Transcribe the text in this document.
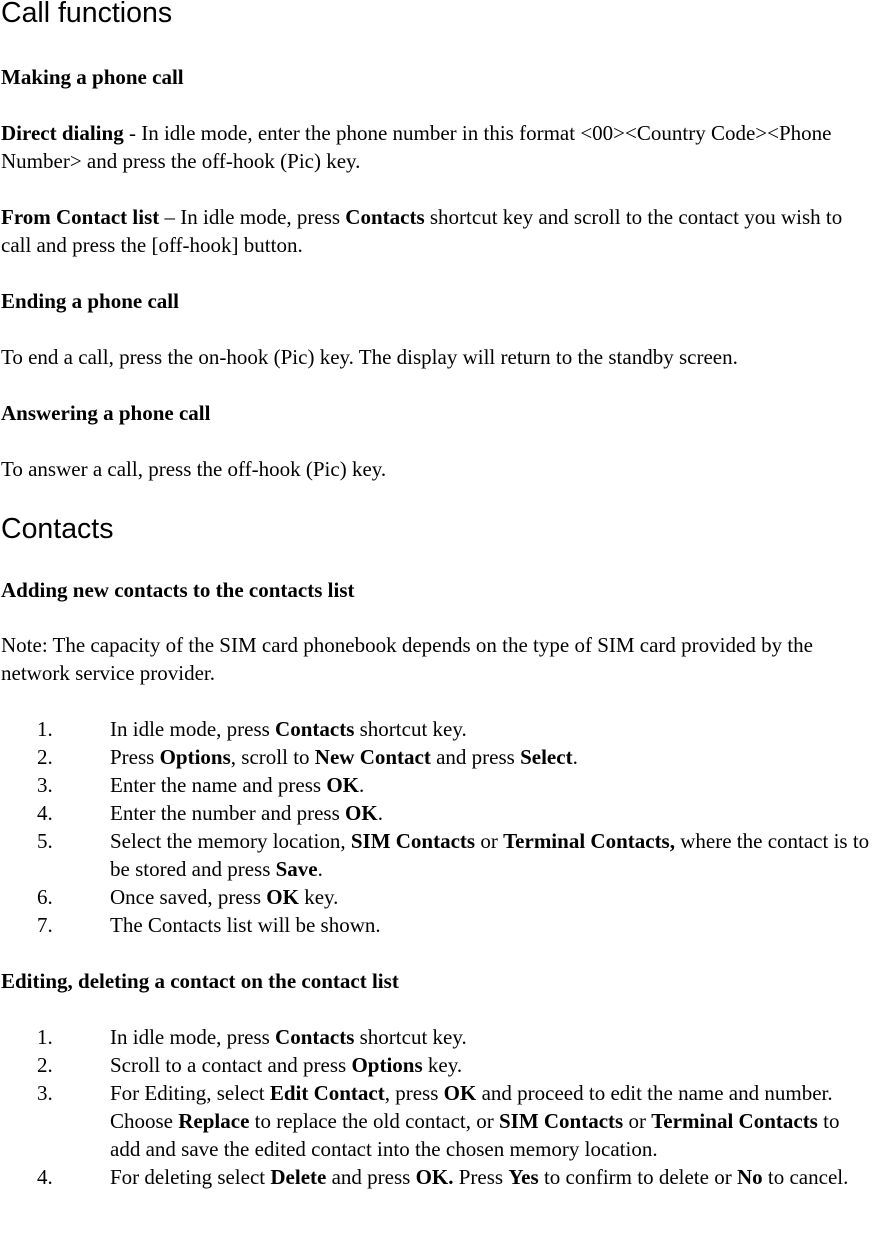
Call functions
Making a phone call

Direct dialing - In idle mode, enter the phone number in this format <00><Country Code><Phone Number> and press the off-hook (Pic) key.

From Contact list – In idle mode, press Contacts shortcut key and scroll to the contact you wish to call and press the [off-hook] button.

Ending a phone call

To end a call, press the on-hook (Pic) key. The display will return to the standby screen.

Answering a phone call

To answer a call, press the off-hook (Pic) key.

Contacts
Adding new contacts to the contacts list

Note: The capacity of the SIM card phonebook depends on the type of SIM card provided by the network service provider.

1.	In idle mode, press Contacts shortcut key.
2.	Press Options, scroll to New Contact and press Select.
3.	Enter the name and press OK.
4.	Enter the number and press OK.
5.	Select the memory location, SIM Contacts or Terminal Contacts, where the contact is to be stored and press Save.
6.	Once saved, press OK key.
7.	The Contacts list will be shown.
Editing, deleting a contact on the contact list
1.	In idle mode, press Contacts shortcut key.
2.	Scroll to a contact and press Options key.
3.	For Editing, select Edit Contact, press OK and proceed to edit the name and number. Choose Replace to replace the old contact, or SIM Contacts or Terminal Contacts to add and save the edited contact into the chosen memory location.
4.	For deleting select Delete and press OK. Press Yes to confirm to delete or No to cancel.
